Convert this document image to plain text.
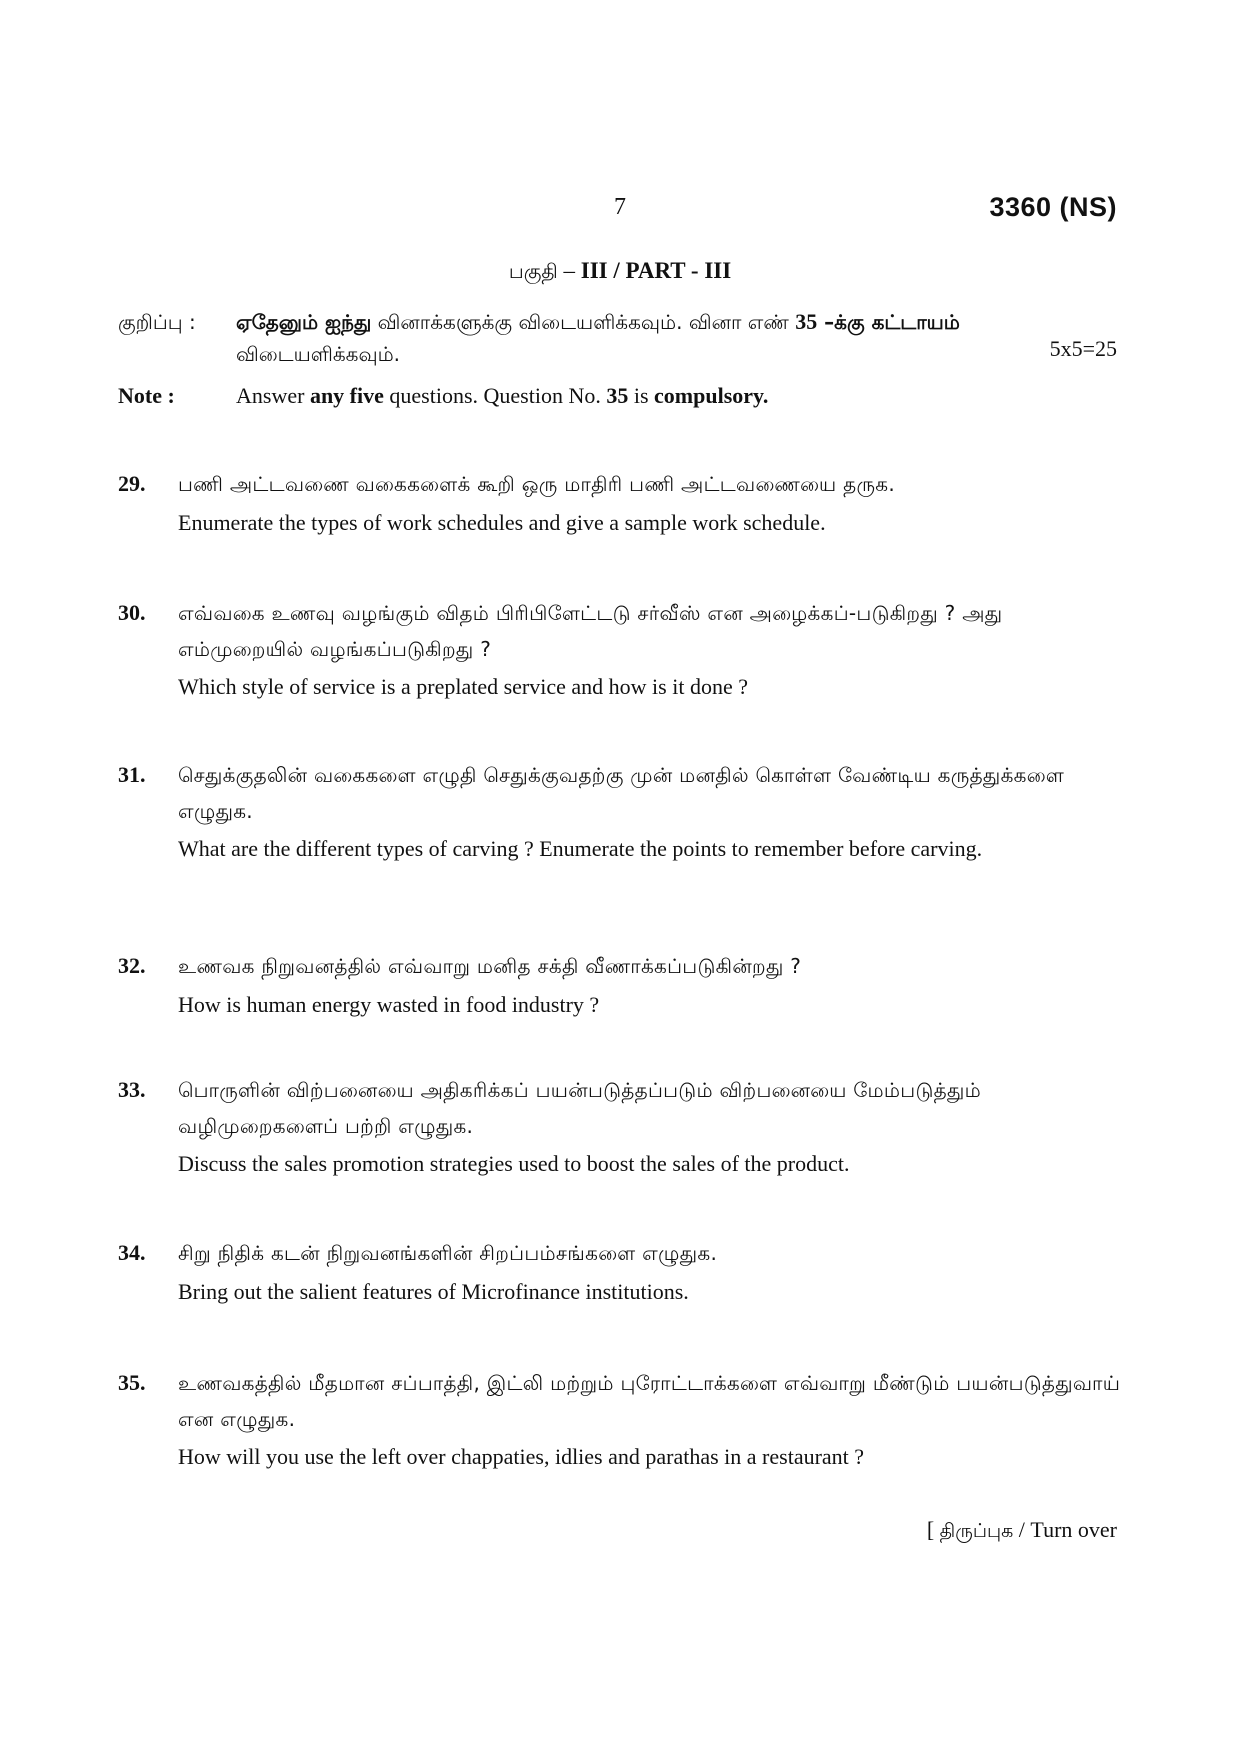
7	3360 (NS)
பகுதி – III / PART - III
குறிப்பு : ஏதேனும் ஐந்து வினாக்களுக்கு விடையளிக்கவும். வினா எண் 35 –க்கு கட்டாயம் விடையளிக்கவும்.	5x5=25
Note :	Answer any five questions. Question No. 35 is compulsory.
29. பணி அட்டவணை வகைகளைக் கூறி ஒரு மாதிரி பணி அட்டவணையை தருக.
Enumerate the types of work schedules and give a sample work schedule.
30. எவ்வகை உணவு வழங்கும் விதம் பிரிபிளேட்டடு சர்வீஸ் என அழைக்கப்-படுகிறது ? அது எம்முறையில் வழங்கப்படுகிறது ?
Which style of service is a preplated service and how is it done ?
31. செதுக்குதலின் வகைகளை எழுதி செதுக்குவதற்கு முன் மனதில் கொள்ள வேண்டிய கருத்துக்களை எழுதுக.
What are the different types of carving ? Enumerate the points to remember before carving.
32. உணவக நிறுவனத்தில் எவ்வாறு மனித சக்தி வீணாக்கப்படுகின்றது ?
How is human energy wasted in food industry ?
33. பொருளின் விற்பனையை அதிகரிக்கப் பயன்படுத்தப்படும் விற்பனையை மேம்படுத்தும் வழிமுறைகளைப் பற்றி எழுதுக.
Discuss the sales promotion strategies used to boost the sales of the product.
34. சிறு நிதிக் கடன் நிறுவனங்களின் சிறப்பம்சங்களை எழுதுக.
Bring out the salient features of Microfinance institutions.
35. உணவகத்தில் மீதமான சப்பாத்தி, இட்லி மற்றும் புரோட்டாக்களை எவ்வாறு மீண்டும் பயன்படுத்துவாய் என எழுதுக.
How will you use the left over chappaties, idlies and parathas in a restaurant ?
[ திருப்புக / Turn over
